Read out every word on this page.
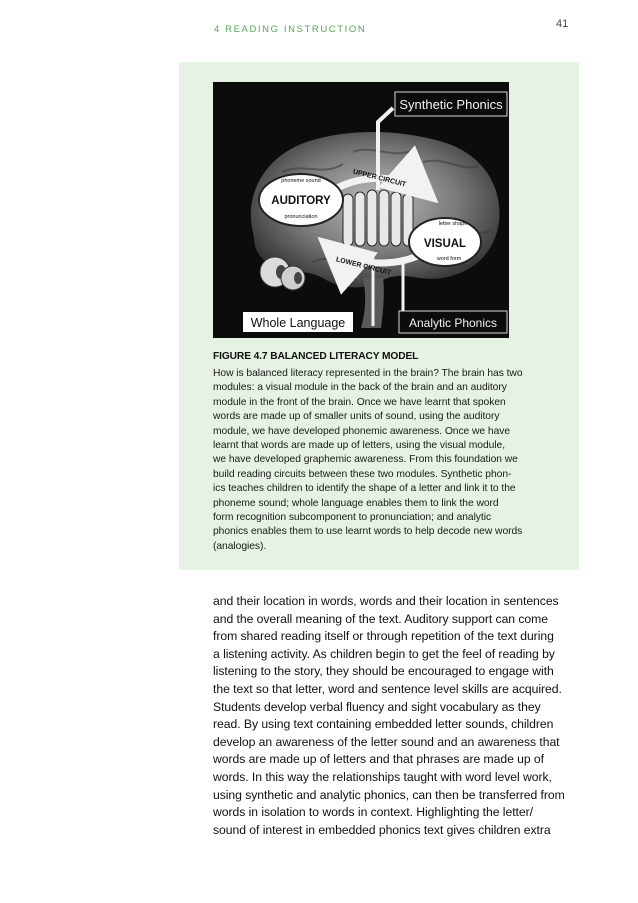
4 READING INSTRUCTION	41
Synthetic Phonics
phoneme sound
AUDITORY
pronunciation
letter shape
VISUAL
word form
UPPER CIRCUIT
LOWER CIRCUIT
Whole Language	Analytic Phonics
FIGURE 4.7 BALANCED LITERACY MODEL
How is balanced literacy represented in the brain? The brain has two
modules: a visual module in the back of the brain and an auditory
module in the front of the brain. Once we have learnt that spoken
words are made up of smaller units of sound, using the auditory
module, we have developed phonemic awareness. Once we have
learnt that words are made up of letters, using the visual module,
we have developed graphemic awareness. From this foundation we
build reading circuits between these two modules. Synthetic phon-
ics teaches children to identify the shape of a letter and link it to the
phoneme sound; whole language enables them to link the word
form recognition subcomponent to pronunciation; and analytic
phonics enables them to use learnt words to help decode new words
(analogies).
and their location in words, words and their location in sentences
and the overall meaning of the text. Auditory support can come
from shared reading itself or through repetition of the text during
a listening activity. As children begin to get the feel of reading by
listening to the story, they should be encouraged to engage with
the text so that letter, word and sentence level skills are acquired.
Students develop verbal fluency and sight vocabulary as they
read. By using text containing embedded letter sounds, children
develop an awareness of the letter sound and an awareness that
words are made up of letters and that phrases are made up of
words. In this way the relationships taught with word level work,
using synthetic and analytic phonics, can then be transferred from
words in isolation to words in context. Highlighting the letter/
sound of interest in embedded phonics text gives children extra
